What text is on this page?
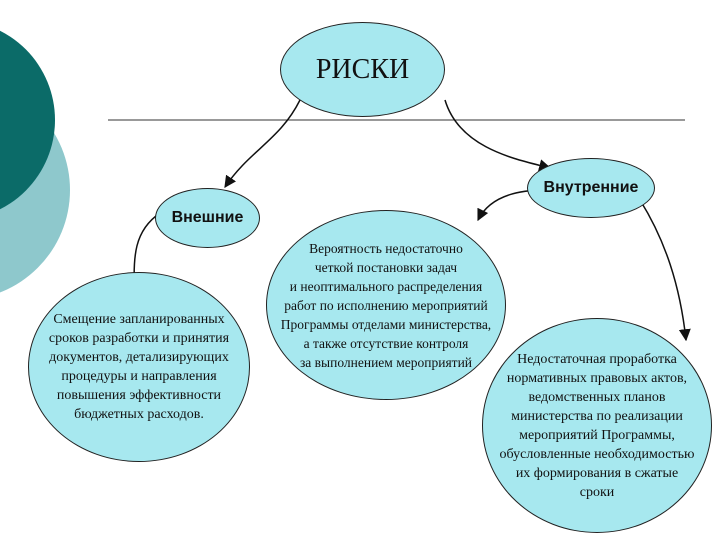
РИСКИ
Внешние
Внутренние
Смещение запланированных
сроков разработки и принятия
документов, детализирующих
процедуры и направления
повышения эффективности
бюджетных расходов.
Вероятность недостаточно
четкой постановки задач
и неоптимального распределения
работ по исполнению мероприятий
Программы отделами министерства,
а также отсутствие контроля
за выполнением мероприятий	Недостаточная проработка
нормативных правовых актов,
ведомственных планов
министерства по реализации
мероприятий Программы,
обусловленные необходимостью
их формирования в сжатые
сроки
